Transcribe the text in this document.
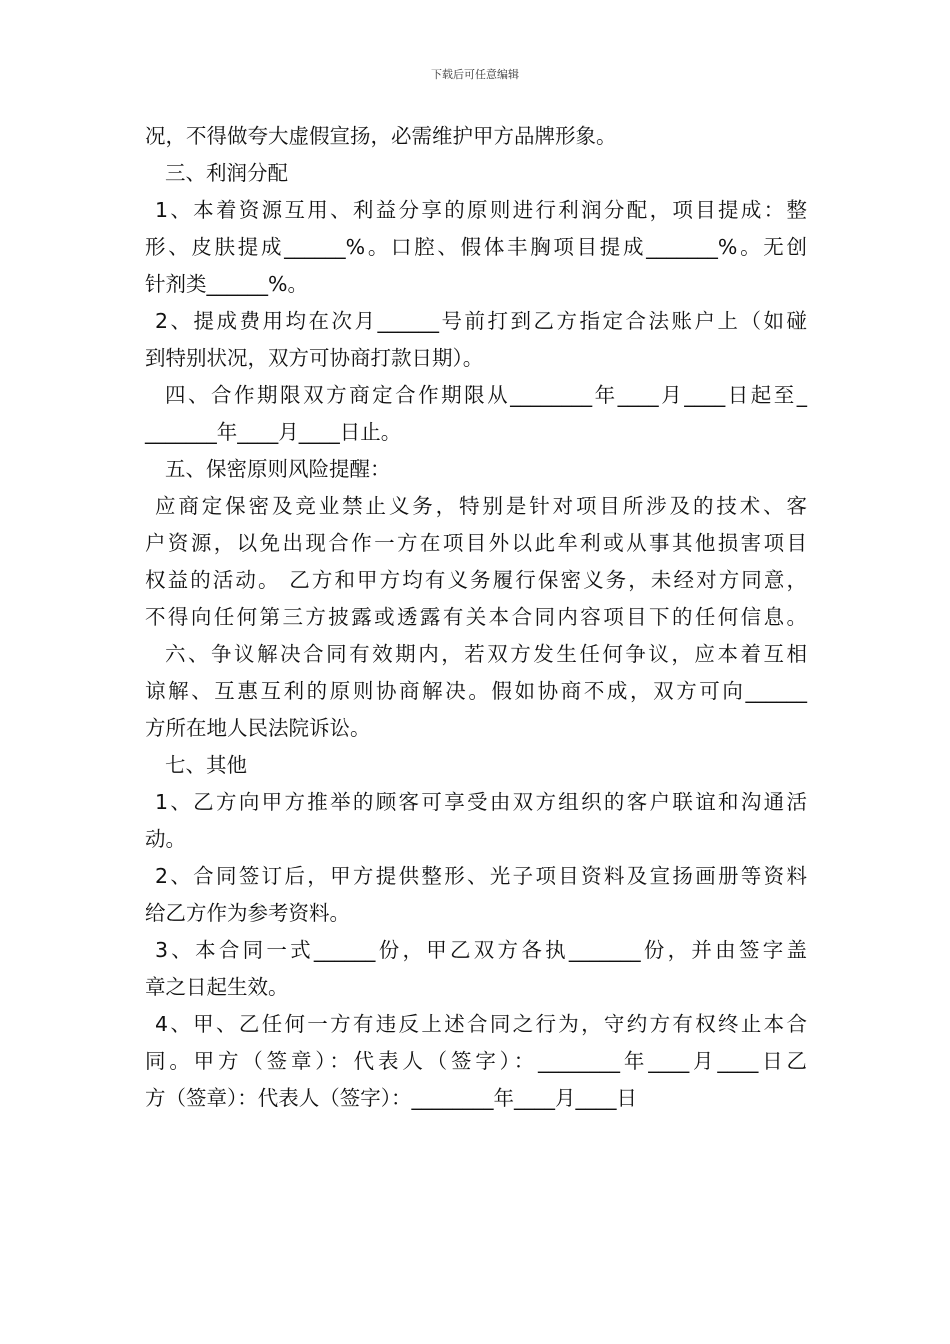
下载后可任意编辑
况，不得做夸大虚假宣扬，必需维护甲方品牌形象。
三、利润分配
1、本着资源互用、利益分享的原则进行利润分配，项目提成：整
形、皮肤提成______%。口腔、假体丰胸项目提成_______%。无创
针剂类______%。
2、提成费用均在次月______号前打到乙方指定合法账户上（如碰
到特别状况，双方可协商打款日期）。
四、合作期限双方商定合作期限从________年____月____日起至_
_______年____月____日止。
五、保密原则风险提醒：
应商定保密及竞业禁止义务，特别是针对项目所涉及的技术、客
户资源，以免出现合作一方在项目外以此牟利或从事其他损害项目
权益的活动。 乙方和甲方均有义务履行保密义务，未经对方同意，
不得向任何第三方披露或透露有关本合同内容项目下的任何信息。
六、争议解决合同有效期内，若双方发生任何争议，应本着互相
谅解、互惠互利的原则协商解决。假如协商不成，双方可向______
方所在地人民法院诉讼。
七、其他
1、乙方向甲方推举的顾客可享受由双方组织的客户联谊和沟通活
动。
2、合同签订后，甲方提供整形、光子项目资料及宣扬画册等资料
给乙方作为参考资料。
3、本合同一式______份，甲乙双方各执_______份，并由签字盖
章之日起生效。
4、甲、乙任何一方有违反上述合同之行为，守约方有权终止本合
同。甲方（签章）：代表人（签字）：________年____月____日乙
方（签章）：代表人（签字）：________年____月____日
